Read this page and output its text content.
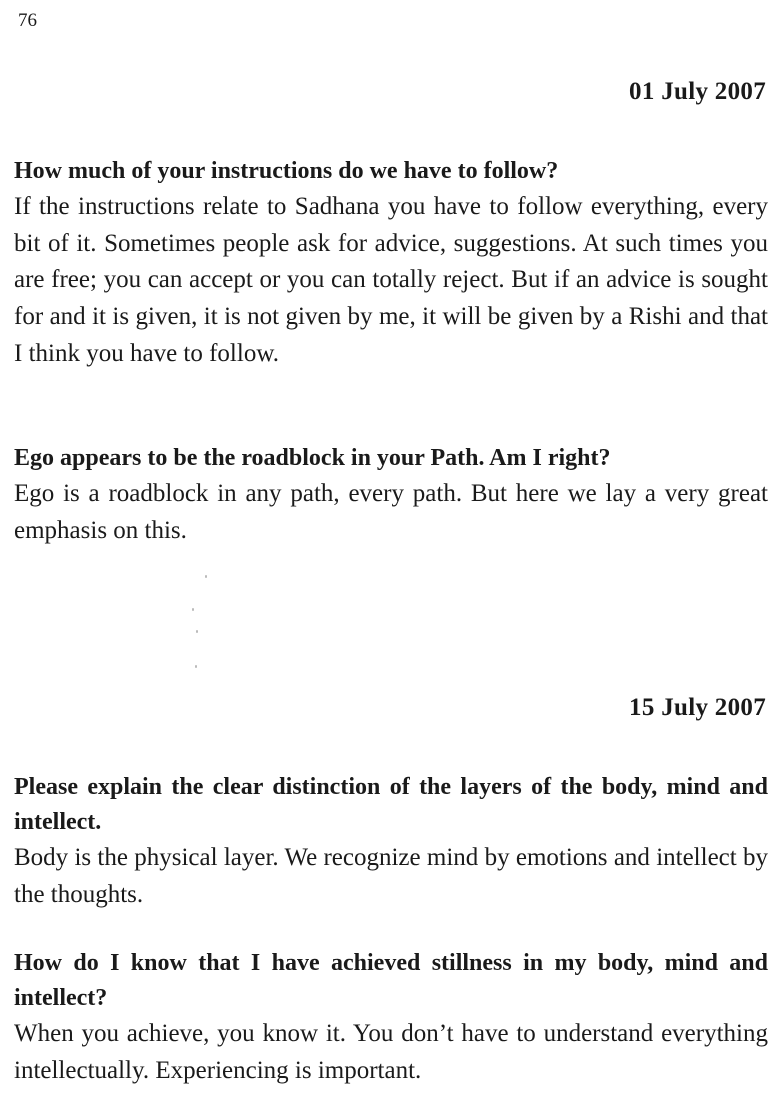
76
01 July 2007

How much of your instructions do we have to follow?

If the instructions relate to Sadhana you have to follow everything, every bit of it. Sometimes people ask for advice, suggestions. At such times you are free; you can accept or you can totally reject. But if an advice is sought for and it is given, it is not given by me, it will be given by a Rishi and that I think you have to follow.

Ego appears to be the roadblock in your Path. Am I right?

Ego is a roadblock in any path, every path. But here we lay a very great emphasis on this.

15 July 2007

Please explain the clear distinction of the layers of the body, mind and intellect.

Body is the physical layer. We recognize mind by emotions and intellect by the thoughts.

How do I know that I have achieved stillness in my body, mind and intellect?

When you achieve, you know it. You don’t have to understand everything intellectually. Experiencing is important.
